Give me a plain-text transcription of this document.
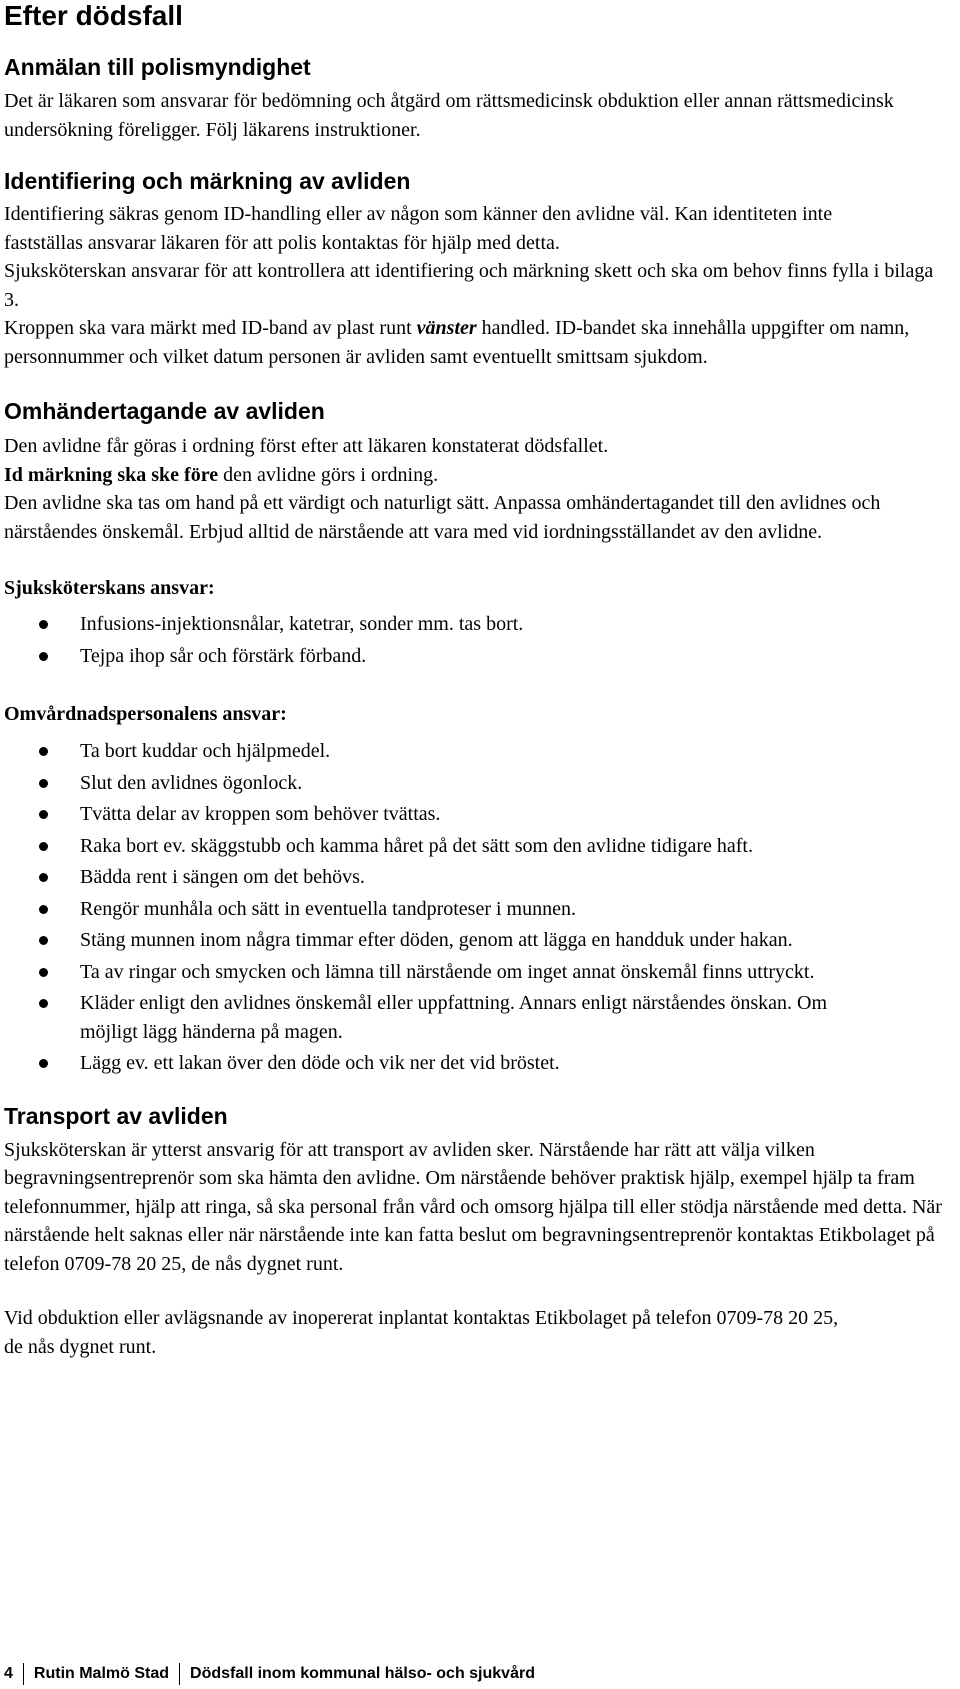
Efter dödsfall
Anmälan till polismyndighet

Det är läkaren som ansvarar för bedömning och åtgärd om rättsmedicinsk obduktion eller annan rättsmedicinsk undersökning föreligger. Följ läkarens instruktioner.

Identifiering och märkning av avliden

Identifiering säkras genom ID-handling eller av någon som känner den avlidne väl. Kan identiteten inte fastställas ansvarar läkaren för att polis kontaktas för hjälp med detta.

Sjuksköterskan ansvarar för att kontrollera att identifiering och märkning skett och ska om behov finns fylla i bilaga 3.

Kroppen ska vara märkt med ID-band av plast runt vänster handled. ID-bandet ska innehålla uppgifter om namn, personnummer och vilket datum personen är avliden samt eventuellt smittsam sjukdom.

Omhändertagande av avliden

Den avlidne får göras i ordning först efter att läkaren konstaterat dödsfallet.

Id märkning ska ske före den avlidne görs i ordning.

Den avlidne ska tas om hand på ett värdigt och naturligt sätt. Anpassa omhändertagandet till den avlidnes och närståendes önskemål. Erbjud alltid de närstående att vara med vid iordningsställandet av den avlidne.

Sjuksköterskans ansvar:
Infusions-injektionsnålar, katetrar, sonder mm. tas bort.
Tejpa ihop sår och förstärk förband.
Omvårdnadspersonalens ansvar:
Ta bort kuddar och hjälpmedel.
Slut den avlidnes ögonlock.
Tvätta delar av kroppen som behöver tvättas.
Raka bort ev. skäggstubb och kamma håret på det sätt som den avlidne tidigare haft.
Bädda rent i sängen om det behövs.
Rengör munhåla och sätt in eventuella tandproteser i munnen.
Stäng munnen inom några timmar efter döden, genom att lägga en handduk under hakan.
Ta av ringar och smycken och lämna till närstående om inget annat önskemål finns uttryckt.
Kläder enligt den avlidnes önskemål eller uppfattning. Annars enligt närståendes önskan. Om möjligt lägg händerna på magen.
Lägg ev. ett lakan över den döde och vik ner det vid bröstet.
Transport av avliden

Sjuksköterskan är ytterst ansvarig för att transport av avliden sker. Närstående har rätt att välja vilken begravningsentreprenör som ska hämta den avlidne. Om närstående behöver praktisk hjälp, exempel hjälp ta fram telefonnummer, hjälp att ringa, så ska personal från vård och omsorg hjälpa till eller stödja närstående med detta. När närstående helt saknas eller när närstående inte kan fatta beslut om begravningsentreprenör kontaktas Etikbolaget på telefon 0709-78 20 25, de nås dygnet runt.

Vid obduktion eller avlägsnande av inopererat inplantat kontaktas Etikbolaget på telefon 0709-78 20 25, de nås dygnet runt.

4 Rutin Malmö Stad Dödsfall inom kommunal hälso- och sjukvård
